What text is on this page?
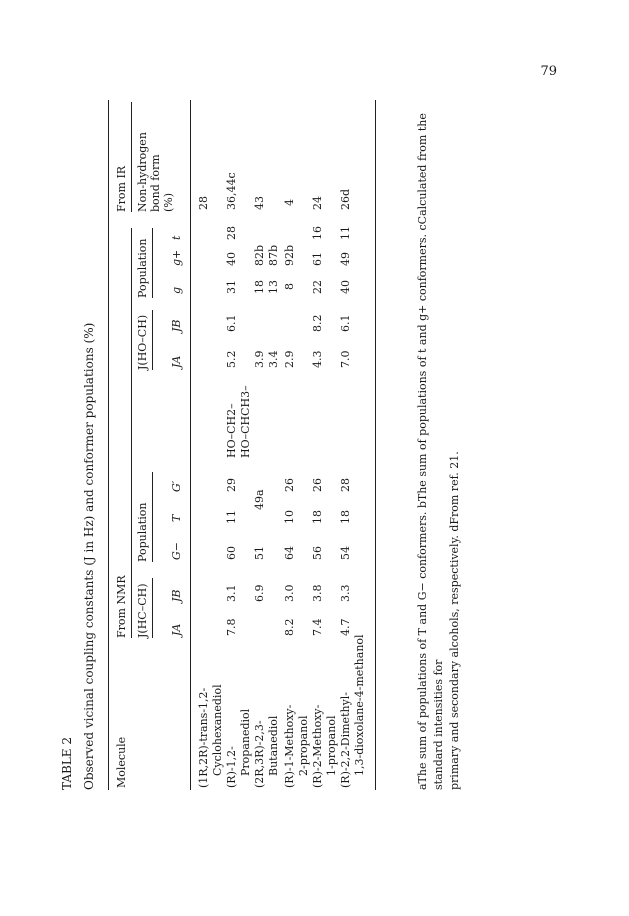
79
TABLE 2 Observed vicinal coupling constants (J in Hz) and conformer populations (%) Molecule
From NMR
From IR
J(HC–CH)
Population
J(HO–CH)
Population
Non-hydrogen bond form (%)
JA
JB
G−
T
G′
JA
JB
g
g+
t
(1R,2R)-trans-1,2- Cyclohexanediol
28
(R)-1,2- Propanediol
7.8
3.1
60
11
29
HO–CH2–
5.2
6.1
31
40
28
36,44c
HO–CHCH3–
6.9
51
49a
3.9
18
82b
43
(2R,3R)-2,3- Butanediol
3.4
13
87b
(R)-1-Methoxy- 2-propanol
8.2
3.0
64
10
26
2.9
8
92b
4
(R)-2-Methoxy- 1-propanol
7.4
3.8
56
18
26
4.3
8.2
22
61
16
24
(R)-2,2-Dimethyl- 1,3-dioxolane-4-methanol
4.7
3.3
54
18
28
7.0
6.1
40
49
11
26d	aThe sum of populations of T and G− conformers. bThe sum of populations of t and g+ conformers. cCalculated from the standard intensities for primary and secondary alcohols, respectively. dFrom ref. 21.
